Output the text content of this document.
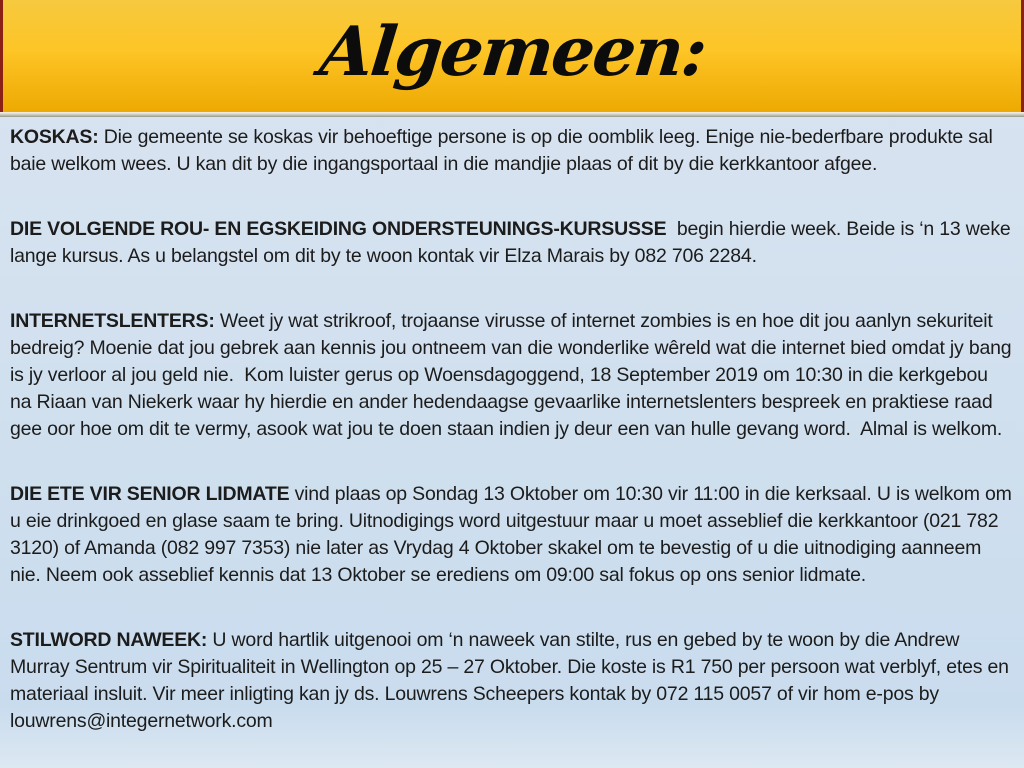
Algemeen:

KOSKAS: Die gemeente se koskas vir behoeftige persone is op die oomblik leeg. Enige nie-bederfbare produkte sal baie welkom wees. U kan dit by die ingangsportaal in die mandjie plaas of dit by die kerkkantoor afgee.

DIE VOLGENDE ROU- EN EGSKEIDING ONDERSTEUNINGS-KURSUSSE  begin hierdie week. Beide is ‘n 13 weke lange kursus. As u belangstel om dit by te woon kontak vir Elza Marais by 082 706 2284.

INTERNETSLENTERS: Weet jy wat strikroof, trojaanse virusse of internet zombies is en hoe dit jou aanlyn sekuriteit bedreig? Moenie dat jou gebrek aan kennis jou ontneem van die wonderlike wêreld wat die internet bied omdat jy bang is jy verloor al jou geld nie.  Kom luister gerus op Woensdagoggend, 18 September 2019 om 10:30 in die kerkgebou na Riaan van Niekerk waar hy hierdie en ander hedendaagse gevaarlike internetslenters bespreek en praktiese raad gee oor hoe om dit te vermy, asook wat jou te doen staan indien jy deur een van hulle gevang word.  Almal is welkom.

DIE ETE VIR SENIOR LIDMATE vind plaas op Sondag 13 Oktober om 10:30 vir 11:00 in die kerksaal. U is welkom om u eie drinkgoed en glase saam te bring. Uitnodigings word uitgestuur maar u moet asseblief die kerkkantoor (021 782 3120) of Amanda (082 997 7353) nie later as Vrydag 4 Oktober skakel om te bevestig of u die uitnodiging aanneem nie. Neem ook asseblief kennis dat 13 Oktober se erediens om 09:00 sal fokus op ons senior lidmate.

STILWORD NAWEEK: U word hartlik uitgenooi om ‘n naweek van stilte, rus en gebed by te woon by die Andrew Murray Sentrum vir Spiritualiteit in Wellington op 25 – 27 Oktober. Die koste is R1 750 per persoon wat verblyf, etes en materiaal insluit. Vir meer inligting kan jy ds. Louwrens Scheepers kontak by 072 115 0057 of vir hom e-pos by louwrens@integernetwork.com
